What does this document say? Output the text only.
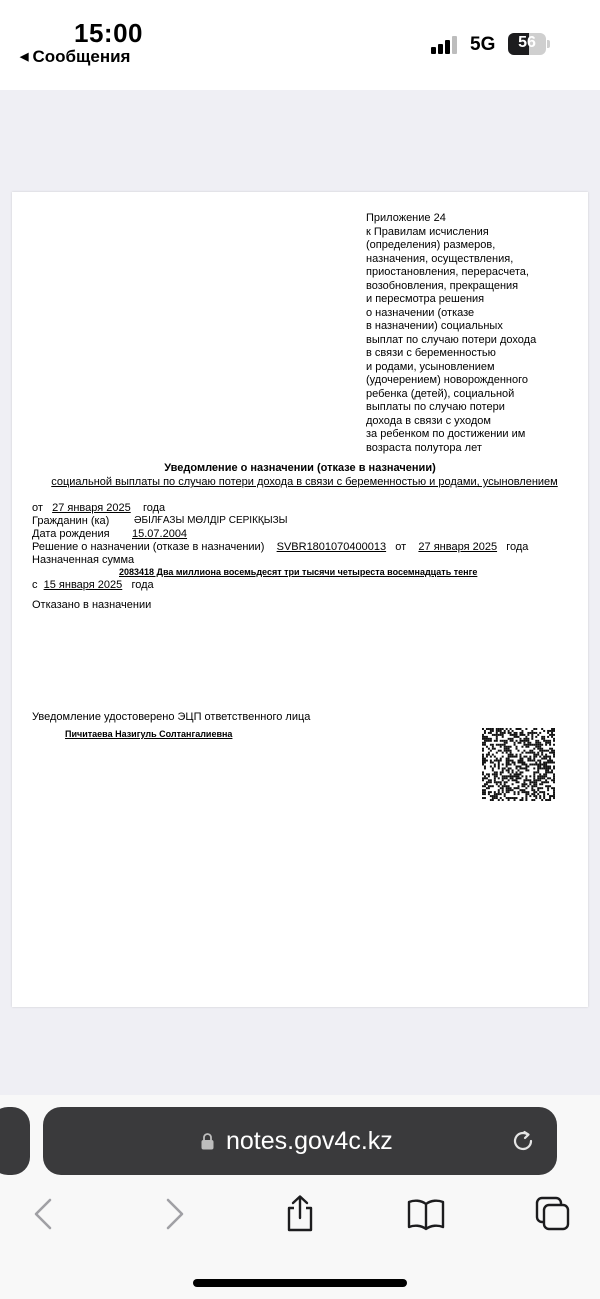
15:00
◀ Сообщения
5G	56
Приложение 24
к Правилам исчисления
(определения) размеров,
назначения, осуществления,
приостановления, перерасчета,
возобновления, прекращения
и пересмотра решения
о назначении (отказе
в назначении) социальных
выплат по случаю потери дохода
в связи с беременностью
и родами, усыновлением
(удочерением) новорожденного
ребенка (детей), социальной
выплаты по случаю потери
дохода в связи с уходом
за ребенком по достижении им
возраста полутора лет
Уведомление о назначении (отказе в назначении)
социальной выплаты по случаю потери дохода в связи с беременностью и родами, усыновлением
от 27 января 2025 года
Гражданин (ка) ӘБІЛҒАЗЫ МӨЛДІР СЕРІКҚЫЗЫ
Дата рождения 15.07.2004
Решение о назначении (отказе в назначении) SVBR1801070400013 от 27 января 2025 года
Назначенная сумма
2083418 Два миллиона восемьдесят три тысячи четыреста восемнадцать тенге
с 15 января 2025 года
Отказано в назначении
Уведомление удостоверено ЭЦП ответственного лица
Пичитаева Назигуль Солтангалиевна
notes.gov4c.kz
